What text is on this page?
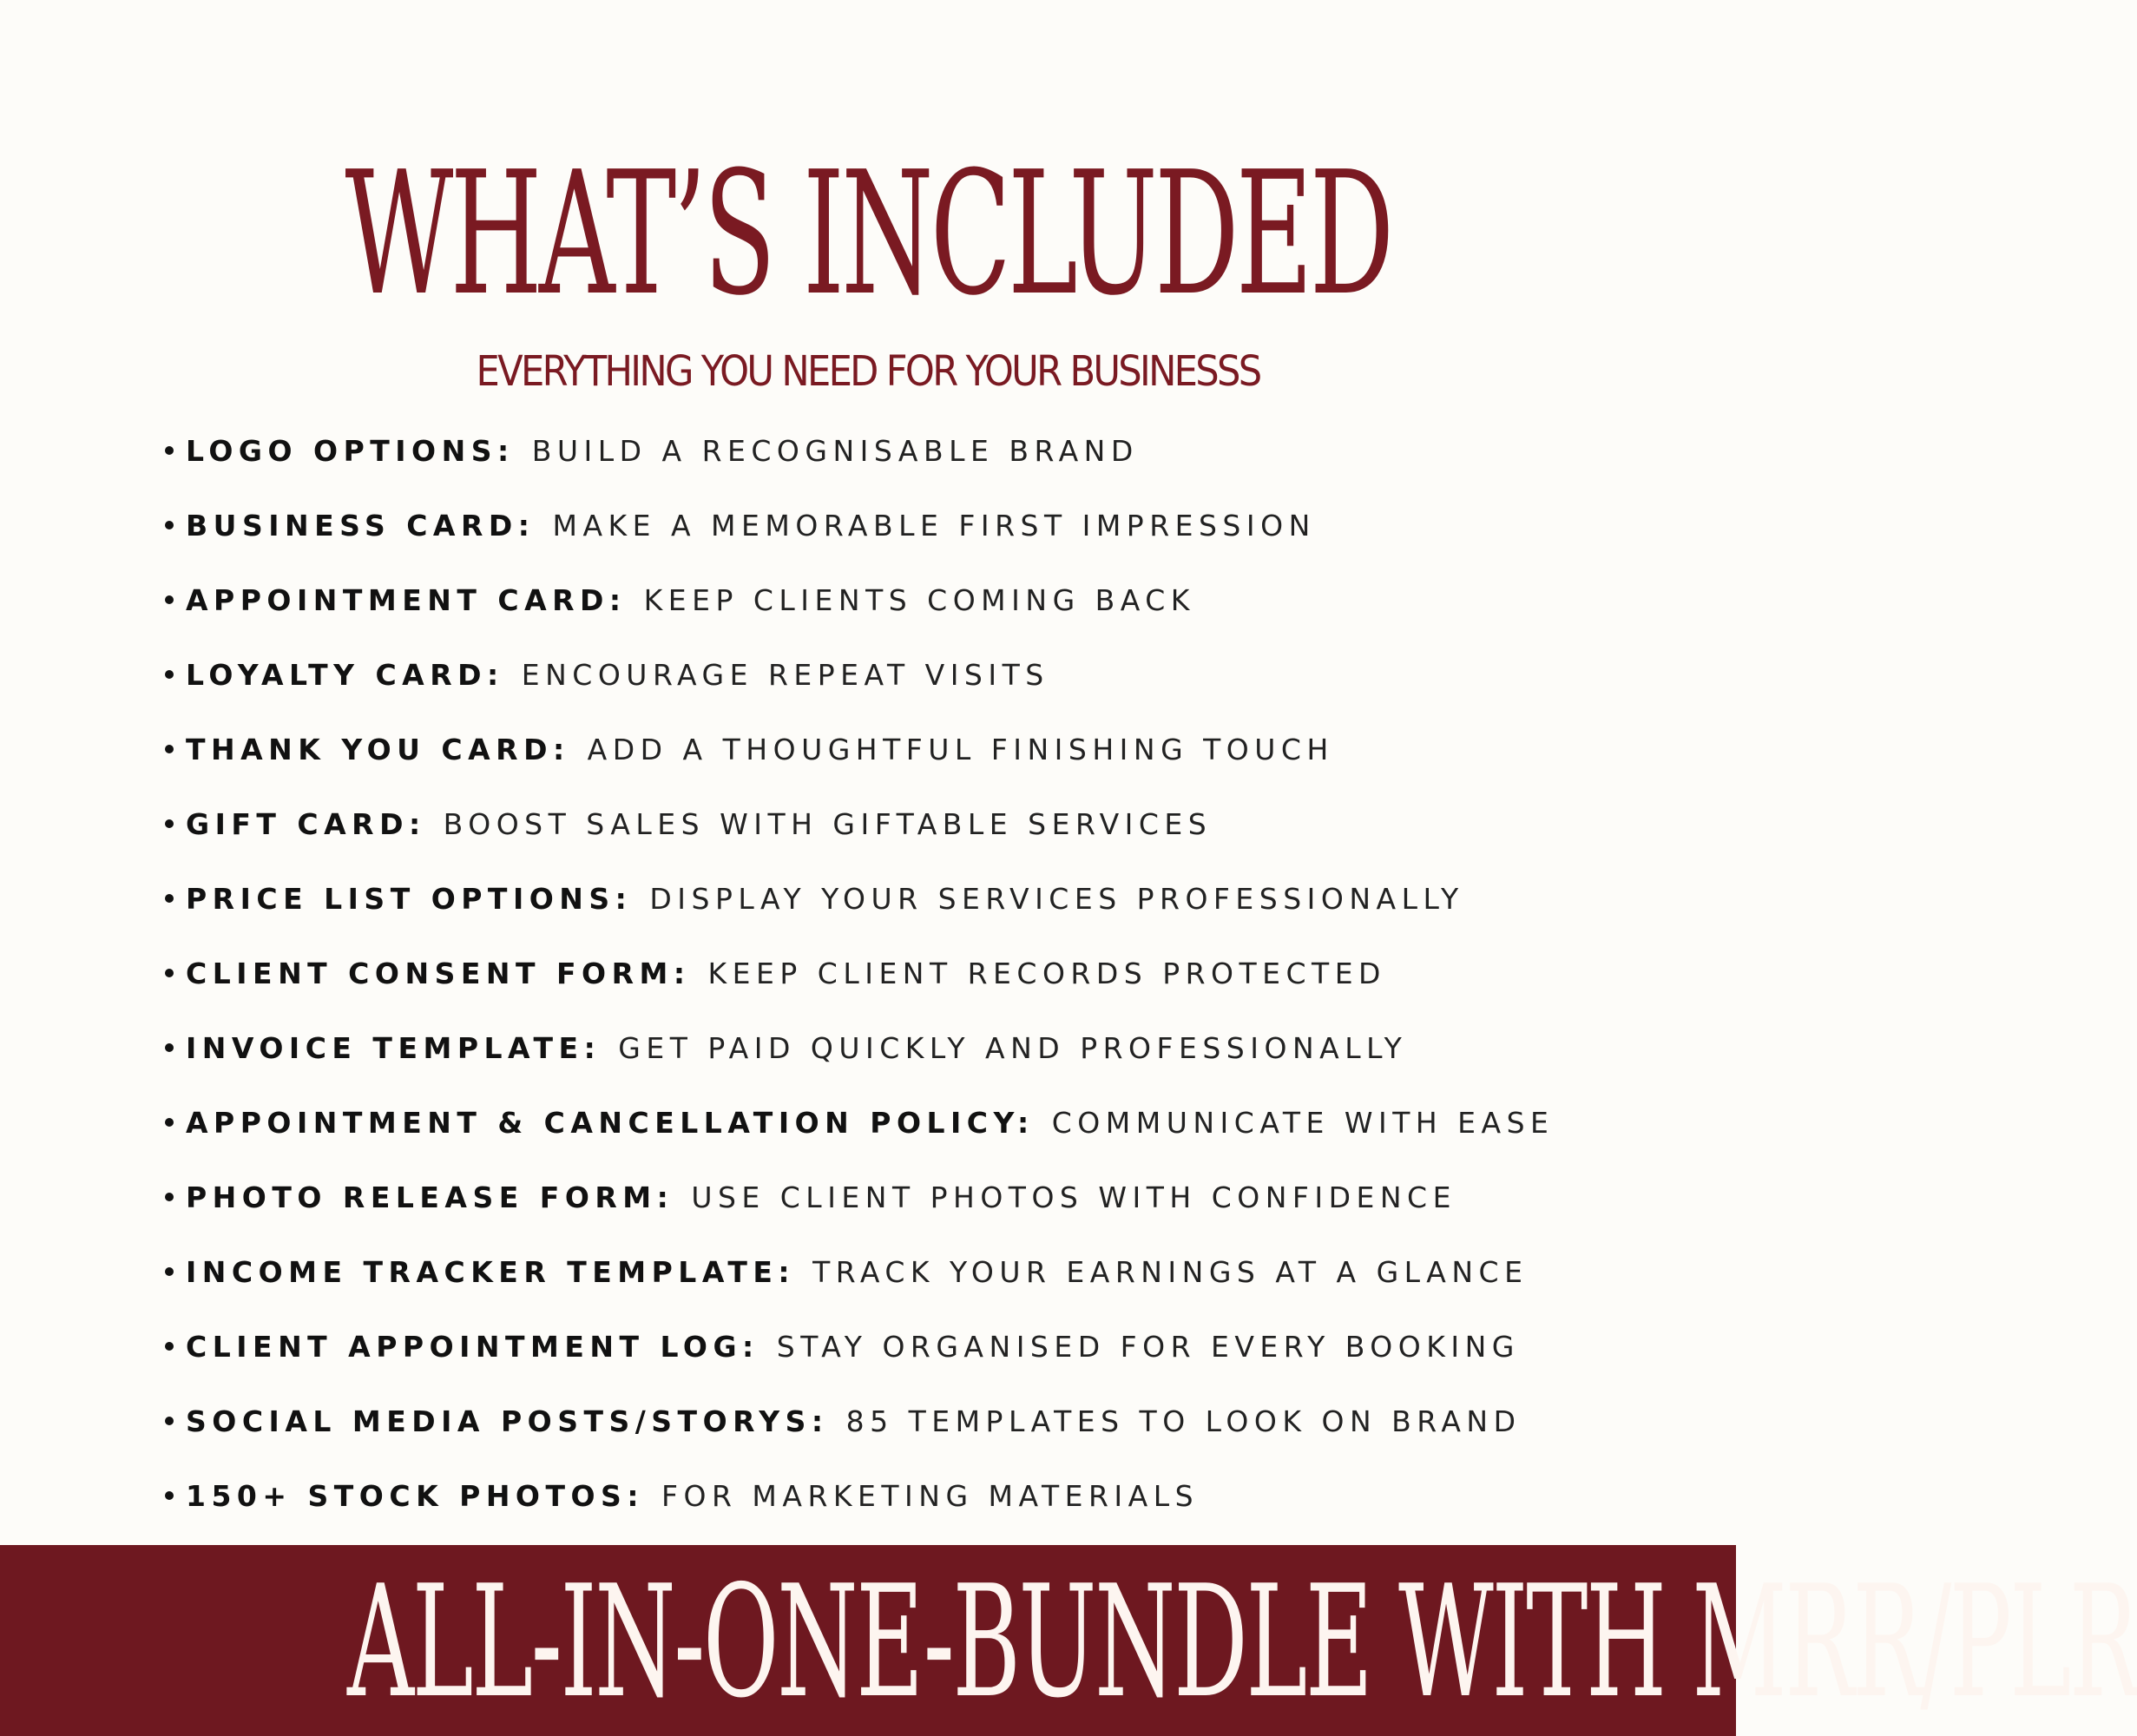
WHAT’S INCLUDED
EVERYTHING YOU NEED FOR YOUR BUSINESSS
LOGO OPTIONS: BUILD A RECOGNISABLE BRAND
BUSINESS CARD: MAKE A MEMORABLE FIRST IMPRESSION
APPOINTMENT CARD: KEEP CLIENTS COMING BACK
LOYALTY CARD: ENCOURAGE REPEAT VISITS
THANK YOU CARD: ADD A THOUGHTFUL FINISHING TOUCH
GIFT CARD: BOOST SALES WITH GIFTABLE SERVICES
PRICE LIST OPTIONS: DISPLAY YOUR SERVICES PROFESSIONALLY
CLIENT CONSENT FORM: KEEP CLIENT RECORDS PROTECTED
INVOICE TEMPLATE: GET PAID QUICKLY AND PROFESSIONALLY
APPOINTMENT & CANCELLATION POLICY: COMMUNICATE WITH EASE
PHOTO RELEASE FORM: USE CLIENT PHOTOS WITH CONFIDENCE
INCOME TRACKER TEMPLATE: TRACK YOUR EARNINGS AT A GLANCE
CLIENT APPOINTMENT LOG: STAY ORGANISED FOR EVERY BOOKING
SOCIAL MEDIA POSTS/STORYS: 85 TEMPLATES TO LOOK ON BRAND
150+ STOCK PHOTOS: FOR MARKETING MATERIALS
ALL-IN-ONE-BUNDLE WITH MRR/PLR
